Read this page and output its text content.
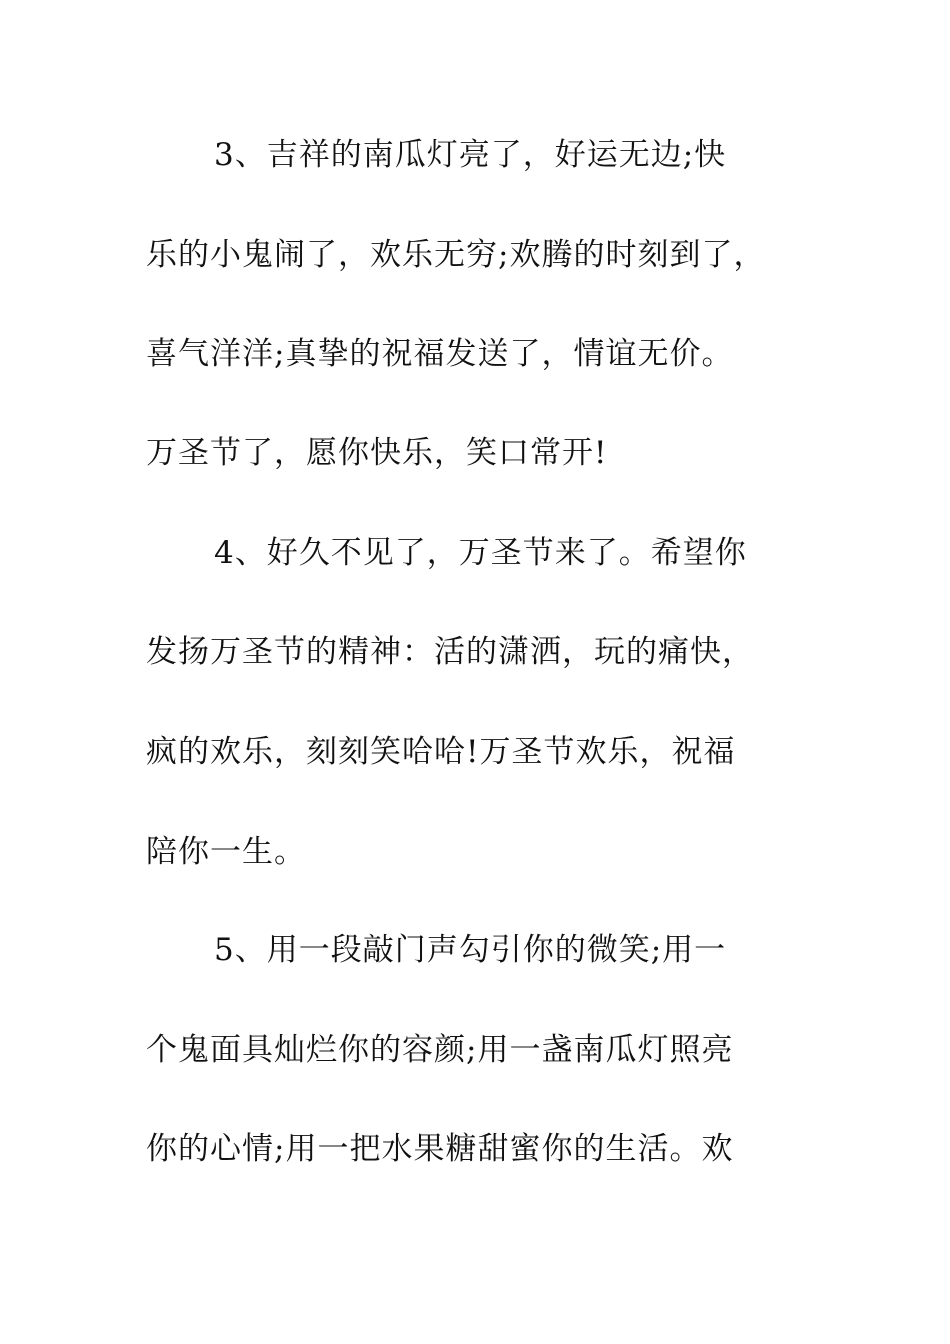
3、吉祥的南瓜灯亮了，好运无边;快

乐的小鬼闹了，欢乐无穷;欢腾的时刻到了，

喜气洋洋;真挚的祝福发送了，情谊无价。

万圣节了，愿你快乐，笑口常开!

4、好久不见了，万圣节来了。希望你

发扬万圣节的精神：活的潇洒，玩的痛快，

疯的欢乐，刻刻笑哈哈!万圣节欢乐，祝福

陪你一生。

5、用一段敲门声勾引你的微笑;用一

个鬼面具灿烂你的容颜;用一盏南瓜灯照亮

你的心情;用一把水果糖甜蜜你的生活。欢
